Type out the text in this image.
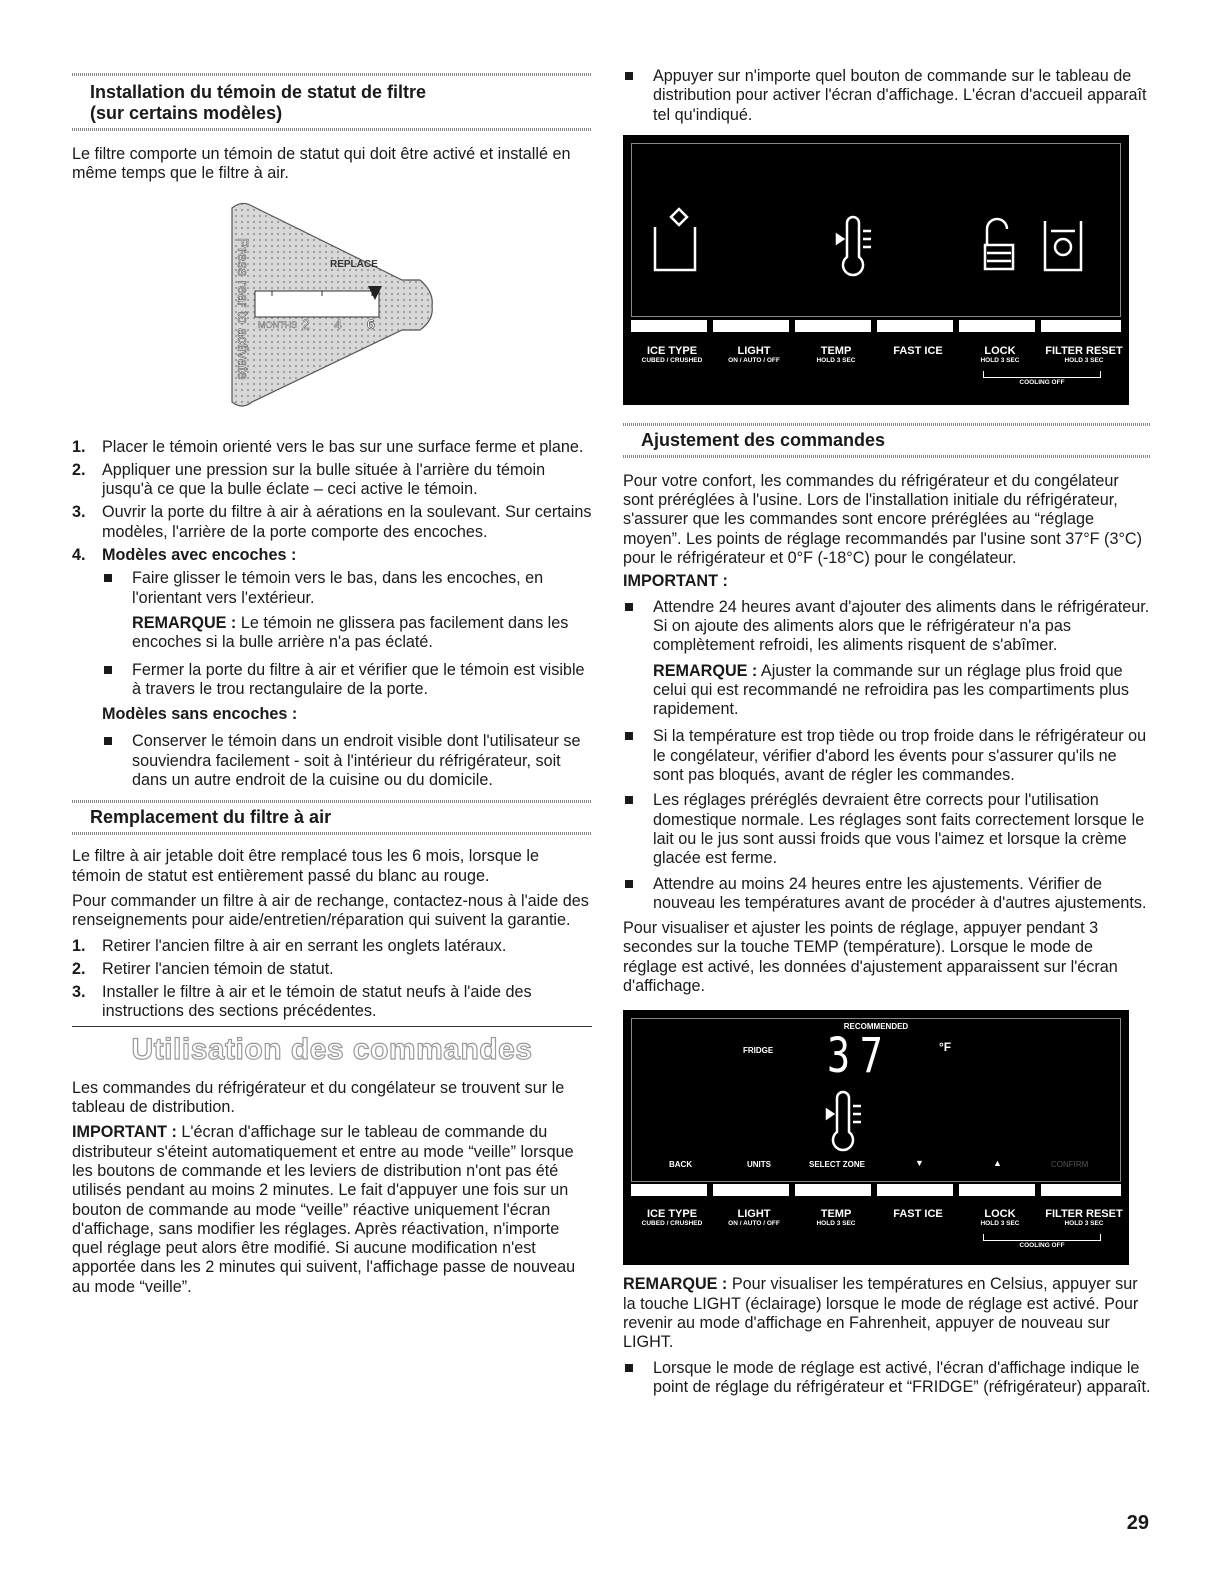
Installation du témoin de statut de filtre
(sur certains modèles)

Le filtre comporte un témoin de statut qui doit être activé et installé en même temps que le filtre à air.

Press rear to activate	REPLACE
MONTHS 2 4 6
1. Placer le témoin orienté vers le bas sur une surface ferme et plane.
2. Appliquer une pression sur la bulle située à l'arrière du témoin jusqu'à ce que la bulle éclate – ceci active le témoin.
3. Ouvrir la porte du filtre à air à aérations en la soulevant. Sur certains modèles, l'arrière de la porte comporte des encoches.
4. Modèles avec encoches :
Faire glisser le témoin vers le bas, dans les encoches, en l'orientant vers l'extérieur.

REMARQUE : Le témoin ne glissera pas facilement dans les encoches si la bulle arrière n'a pas éclaté.

Fermer la porte du filtre à air et vérifier que le témoin est visible à travers le trou rectangulaire de la porte.

Modèles sans encoches :

Conserver le témoin dans un endroit visible dont l'utilisateur se souviendra facilement - soit à l'intérieur du réfrigérateur, soit dans un autre endroit de la cuisine ou du domicile.
Remplacement du filtre à air

Le filtre à air jetable doit être remplacé tous les 6 mois, lorsque le témoin de statut est entièrement passé du blanc au rouge.

Pour commander un filtre à air de rechange, contactez-nous à l'aide des renseignements pour aide/entretien/réparation qui suivent la garantie.

1. Retirer l'ancien filtre à air en serrant les onglets latéraux.
2. Retirer l'ancien témoin de statut.
3. Installer le filtre à air et le témoin de statut neufs à l'aide des instructions des sections précédentes.
Utilisation des commandes

Les commandes du réfrigérateur et du congélateur se trouvent sur le tableau de distribution.

IMPORTANT : L'écran d'affichage sur le tableau de commande du distributeur s'éteint automatiquement et entre au mode “veille” lorsque les boutons de commande et les leviers de distribution n'ont pas été utilisés pendant au moins 2 minutes. Le fait d'appuyer une fois sur un bouton de commande au mode “veille” réactive uniquement l'écran d'affichage, sans modifier les réglages. Après réactivation, n'importe quel réglage peut alors être modifié. Si aucune modification n'est apportée dans les 2 minutes qui suivent, l'affichage passe de nouveau au mode “veille”.

Appuyer sur n'importe quel bouton de commande sur le tableau de distribution pour activer l'écran d'affichage. L'écran d'accueil apparaît tel qu'indiqué.
ICE TYPE
CUBED / CRUSHED
LIGHT
ON / AUTO / OFF
TEMP
HOLD 3 SEC
FAST ICE	LOCK
HOLD 3 SEC
FILTER RESET
HOLD 3 SEC
COOLING OFF
Ajustement des commandes

Pour votre confort, les commandes du réfrigérateur et du congélateur sont préréglées à l'usine. Lors de l'installation initiale du réfrigérateur, s'assurer que les commandes sont encore préréglées au “réglage moyen”. Les points de réglage recommandés par l'usine sont 37°F (3°C) pour le réfrigérateur et 0°F (-18°C) pour le congélateur.

IMPORTANT :

Attendre 24 heures avant d'ajouter des aliments dans le réfrigérateur. Si on ajoute des aliments alors que le réfrigérateur n'a pas complètement refroidi, les aliments risquent de s'abîmer.

REMARQUE : Ajuster la commande sur un réglage plus froid que celui qui est recommandé ne refroidira pas les compartiments plus rapidement.

Si la température est trop tiède ou trop froide dans le réfrigérateur ou le congélateur, vérifier d'abord les évents pour s'assurer qu'ils ne sont pas bloqués, avant de régler les commandes.
Les réglages préréglés devraient être corrects pour l'utilisation domestique normale. Les réglages sont faits correctement lorsque le lait ou le jus sont aussi froids que vous l'aimez et lorsque la crème glacée est ferme.
Attendre au moins 24 heures entre les ajustements. Vérifier de nouveau les températures avant de procéder à d'autres ajustements.

Pour visualiser et ajuster les points de réglage, appuyer pendant 3 secondes sur la touche TEMP (température). Lorsque le mode de réglage est activé, les données d'ajustement apparaissent sur l'écran d'affichage.

RECOMMENDED
FRIDGE 37	°F
BACK	UNITS	SELECT ZONE	▼	▲	CONFIRM
ICE TYPE
CUBED / CRUSHED
LIGHT
ON / AUTO / OFF
TEMP
HOLD 3 SEC
FAST ICE	LOCK
HOLD 3 SEC
FILTER RESET
HOLD 3 SEC
COOLING OFF

REMARQUE : Pour visualiser les températures en Celsius, appuyer sur la touche LIGHT (éclairage) lorsque le mode de réglage est activé. Pour revenir au mode d'affichage en Fahrenheit, appuyer de nouveau sur LIGHT.

Lorsque le mode de réglage est activé, l'écran d'affichage indique le point de réglage du réfrigérateur et “FRIDGE” (réfrigérateur) apparaît.
29
